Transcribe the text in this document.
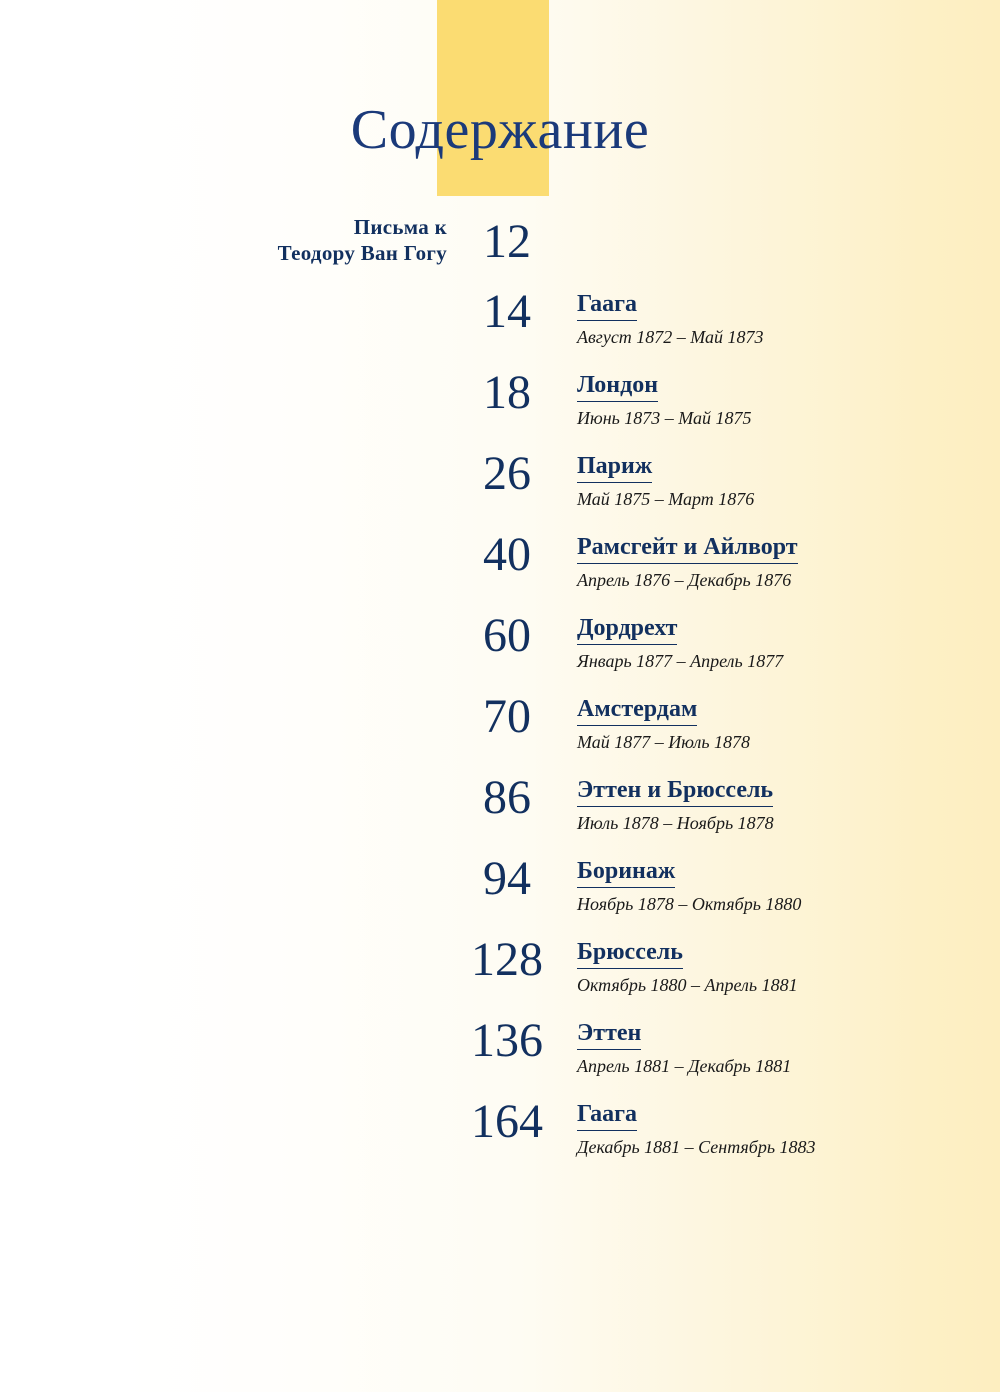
Содержание
Письма к
Теодору Ван Гогу 12
14	Гаага
Август 1872 – Май 1873
18	Лондон
Июнь 1873 – Май 1875
26	Париж
Май 1875 – Март 1876
40	Рамсгейт и Айлворт
Апрель 1876 – Декабрь 1876
60	Дордрехт
Январь 1877 – Апрель 1877
70	Амстердам
Май 1877 – Июль 1878
86	Эттен и Брюссель
Июль 1878 – Ноябрь 1878
94	Боринаж
Ноябрь 1878 – Октябрь 1880
128	Брюссель
Октябрь 1880 – Апрель 1881
136	Эттен
Апрель 1881 – Декабрь 1881
164	Гаага
Декабрь 1881 – Сентябрь 1883
